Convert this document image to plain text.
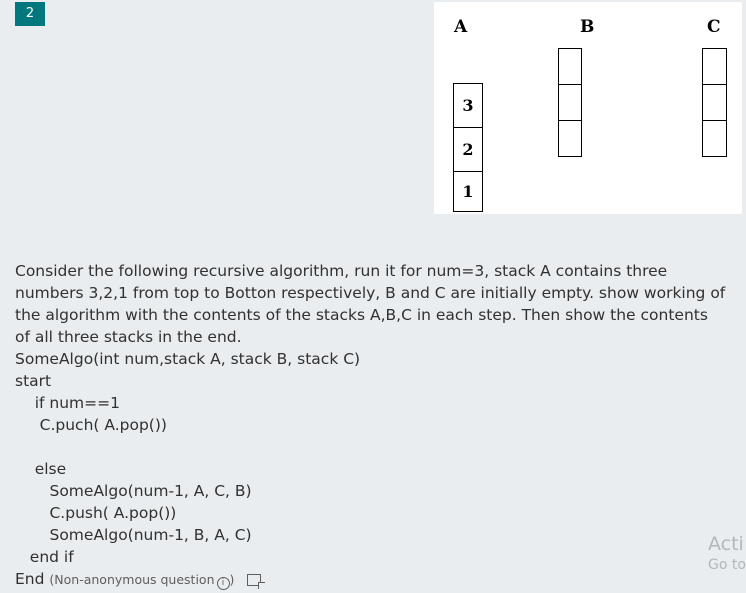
2
A	B	C
3
2
1

Consider the following recursive algorithm, run it for num=3, stack A contains three numbers 3,2,1 from top to Botton respectively, B and C are initially empty. show working of the algorithm with the contents of the stacks A,B,C in each step. Then show the contents of all three stacks in the end.

SomeAlgo(int num,stack A, stack B, stack C)
start
if num==1
C.puch( A.pop())
else
SomeAlgo(num-1, A, C, B)
C.push( A.pop())
SomeAlgo(num-1, B, A, C)
end if
End (Non-anonymous question i )
Acti
Go to
